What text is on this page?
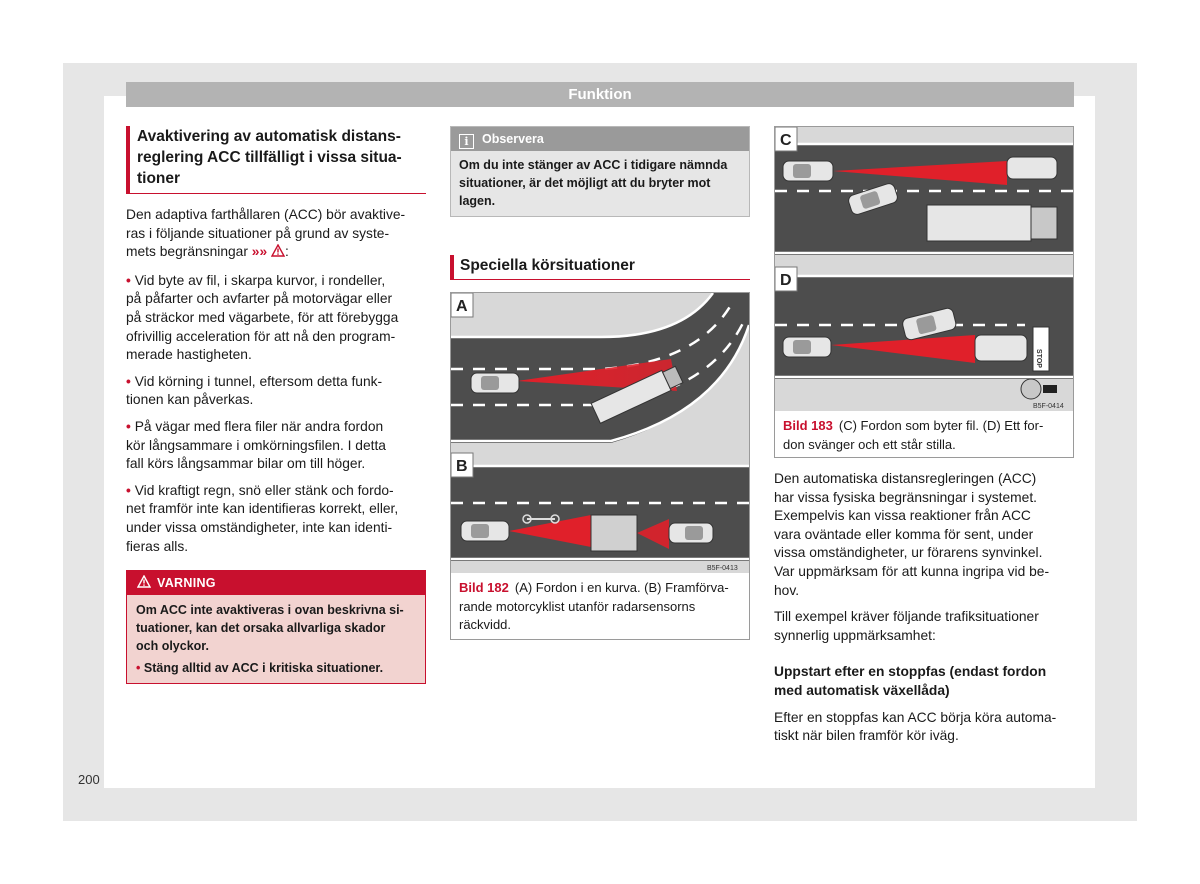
Funktion
Avaktivering av automatisk distans-
reglering ACC tillfälligt i vissa situa-
tioner

Den adaptiva farthållaren (ACC) bör avaktive-
ras i följande situationer på grund av syste-
mets begränsningar »» :

• Vid byte av fil, i skarpa kurvor, i rondeller,
på påfarter och avfarter på motorvägar eller
på sträckor med vägarbete, för att förebygga
ofrivillig acceleration för att nå den program-
merade hastigheten.

• Vid körning i tunnel, eftersom detta funk-
tionen kan påverkas.

• På vägar med flera filer när andra fordon
kör långsammare i omkörningsfilen. I detta
fall körs långsammar bilar om till höger.

• Vid kraftigt regn, snö eller stänk och fordo-
net framför inte kan identifieras korrekt, eller,
under vissa omständigheter, inte kan identi-
fieras alls.

VARNING
Om ACC inte avaktiveras i ovan beskrivna si-
tuationer, kan det orsaka allvarliga skador
och olyckor.
• Stäng alltid av ACC i kritiska situationer.
i Observera
Om du inte stänger av ACC i tidigare nämnda
situationer, är det möjligt att du bryter mot
lagen.
Speciella körsituationer
A
B
B5F-0413
Bild 182 (A) Fordon i en kurva. (B) Framförva-
rande motorcyklist utanför radarsensorns
räckvidd.
C
STOP
D
B5F-0414
Bild 183 (C) Fordon som byter fil. (D) Ett for-
don svänger och ett står stilla.

Den automatiska distansregleringen (ACC)
har vissa fysiska begränsningar i systemet.
Exempelvis kan vissa reaktioner från ACC
vara oväntade eller komma för sent, under
vissa omständigheter, ur förarens synvinkel.
Var uppmärksam för att kunna ingripa vid be-
hov.

Till exempel kräver följande trafiksituationer
synnerlig uppmärksamhet:

Uppstart efter en stoppfas (endast fordon
med automatisk växellåda)

Efter en stoppfas kan ACC börja köra automa-
tiskt när bilen framför kör iväg.

200
